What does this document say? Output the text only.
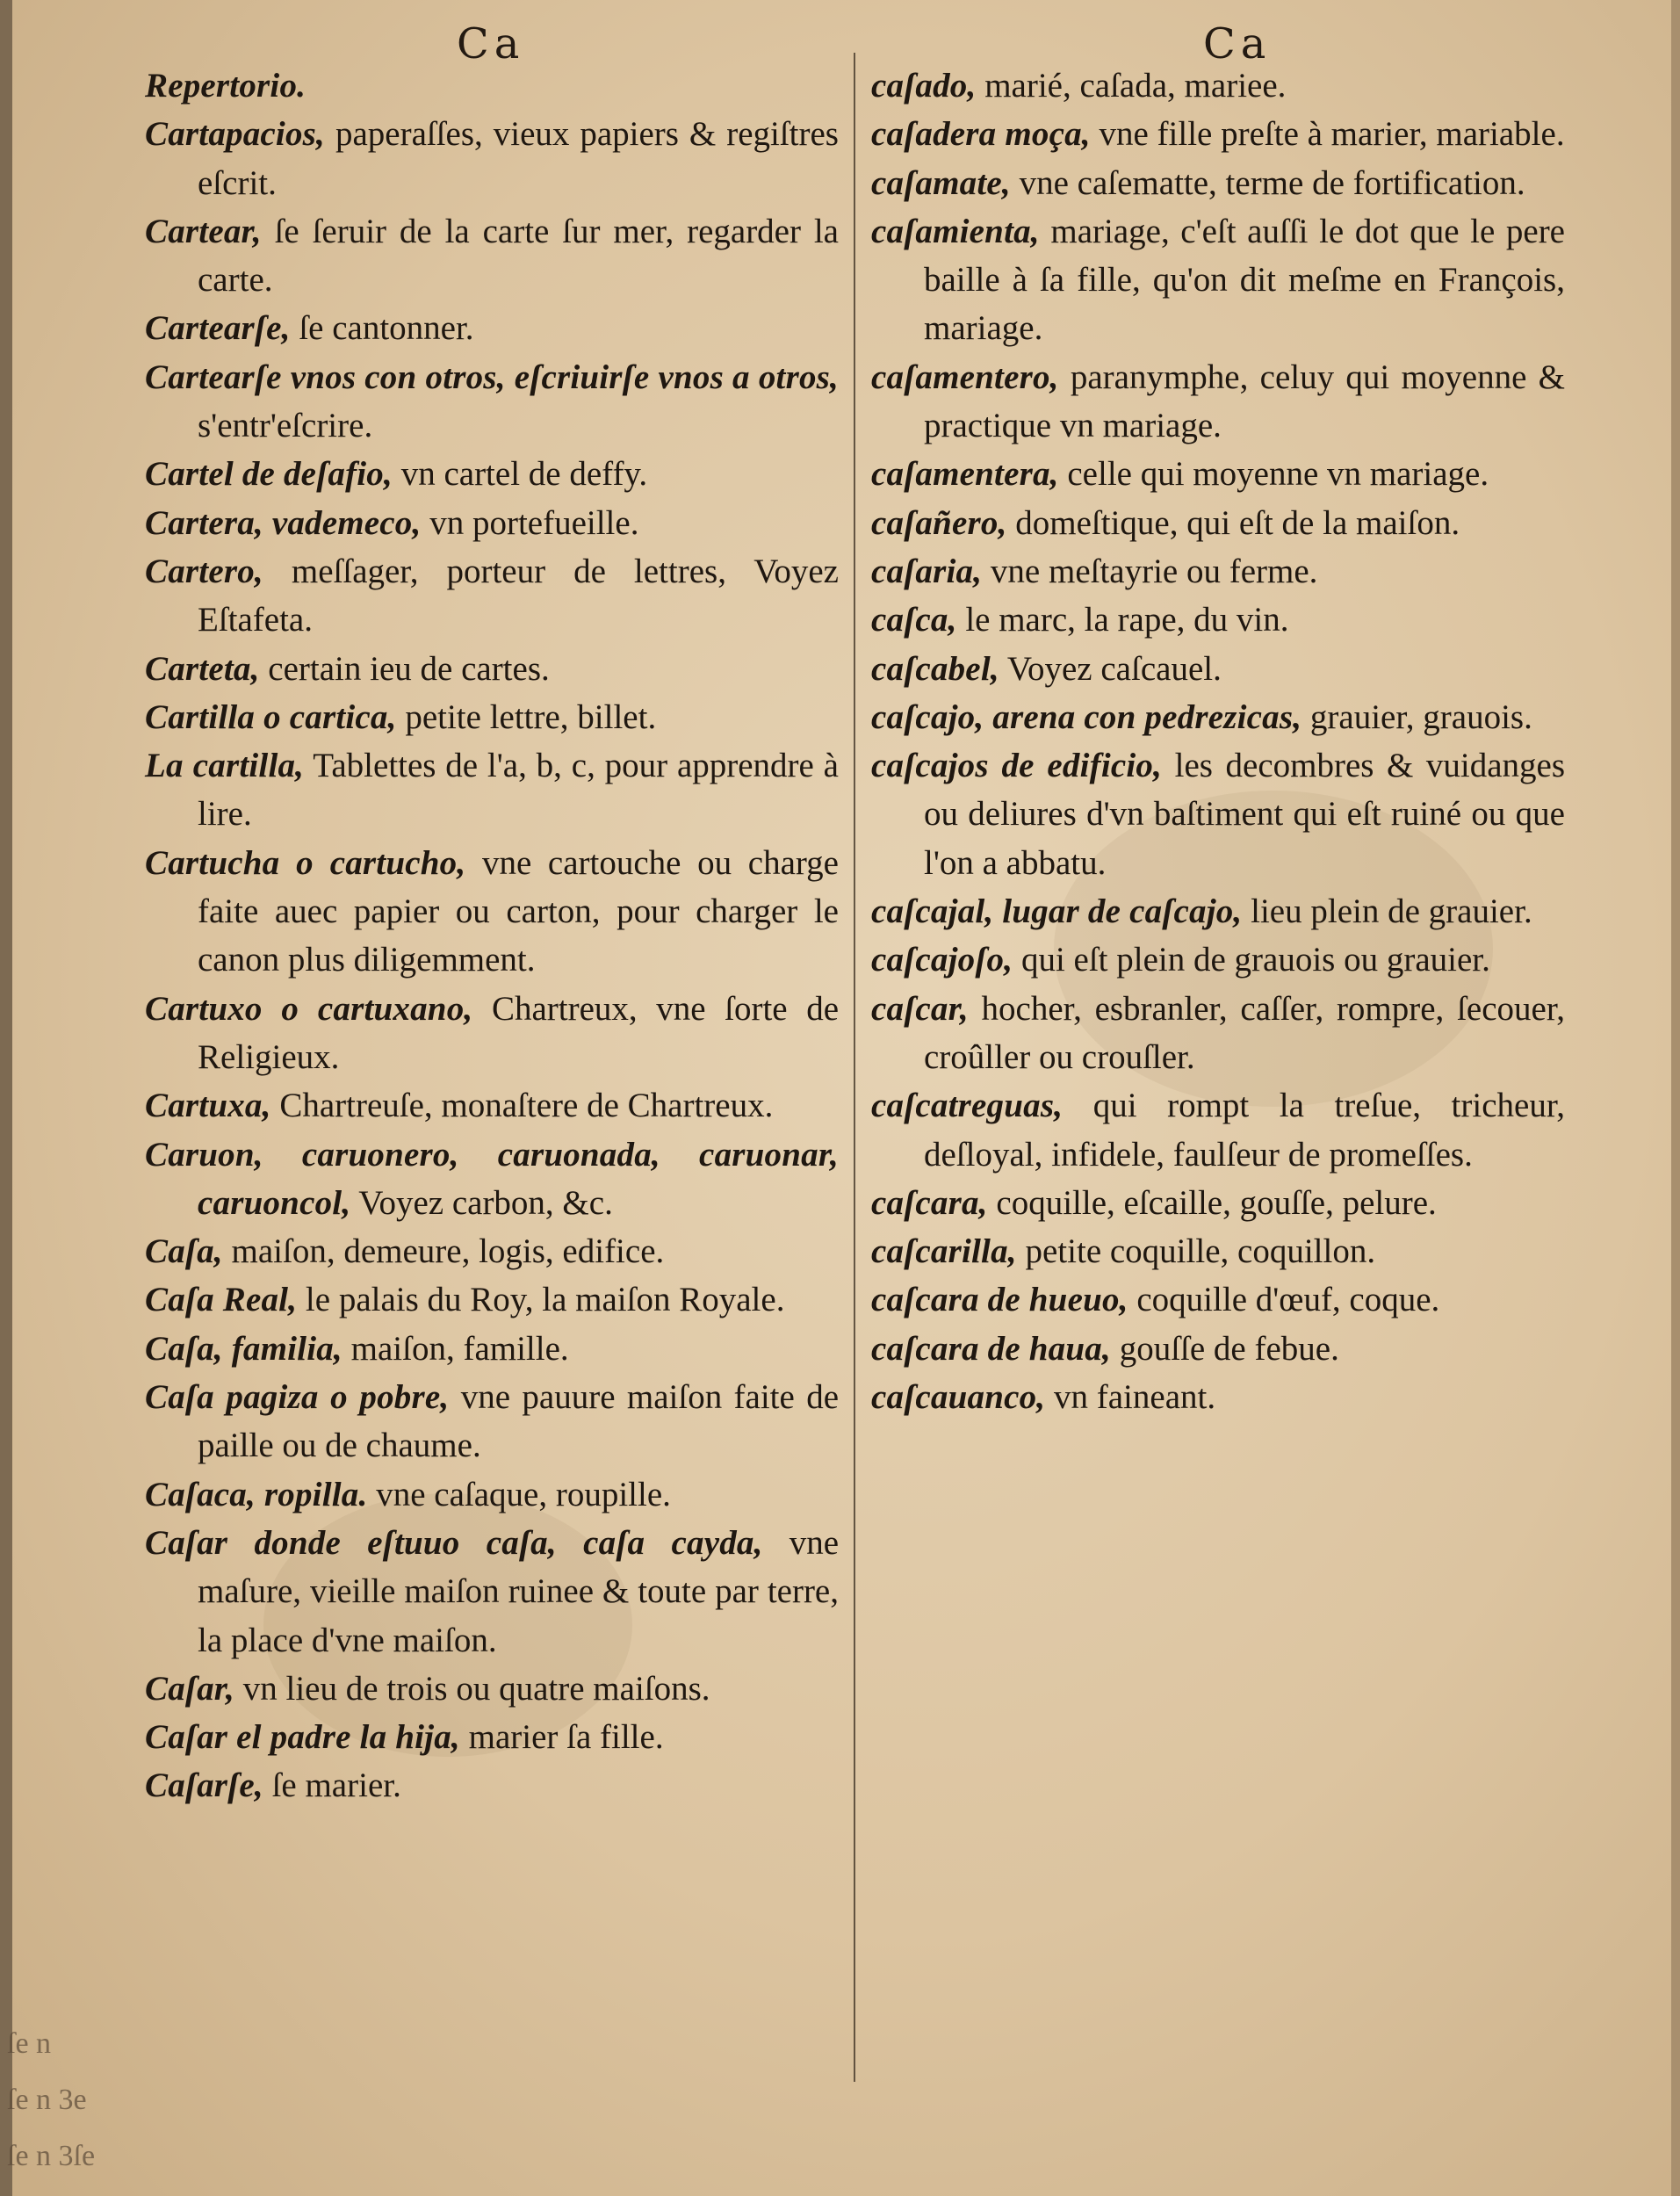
Ca	Ca
Repertorio.
Cartapacios, paperaſſes, vieux papiers & regiſtres eſcrit.
Cartear, ſe ſeruir de la carte ſur mer, regarder la carte.
Cartearſe, ſe cantonner.
Cartearſe vnos con otros, eſcriuirſe vnos a otros, s'entr'eſcrire.
Cartel de deſafio, vn cartel de deffy.
Cartera, vademeco, vn portefueille.
Cartero, meſſager, porteur de lettres, Voyez Eſtafeta.
Carteta, certain ieu de cartes.
Cartilla o cartica, petite lettre, billet.
La cartilla, Tablettes de l'a, b, c, pour apprendre à lire.
Cartucha o cartucho, vne cartouche ou charge faite auec papier ou carton, pour charger le canon plus diligemment.
Cartuxo o cartuxano, Chartreux, vne ſorte de Religieux.
Cartuxa, Chartreuſe, monaſtere de Chartreux.
Caruon, caruonero, caruonada, caruonar, caruoncol, Voyez carbon, &c.
Caſa, maiſon, demeure, logis, edifice.
Caſa Real, le palais du Roy, la maiſon Royale.
Caſa, familia, maiſon, famille.
Caſa pagiza o pobre, vne pauure maiſon faite de paille ou de chaume.
Caſaca, ropilla. vne caſaque, roupille.
Caſar donde eſtuuo caſa, caſa cayda, vne maſure, vieille maiſon ruinee & toute par terre, la place d'vne maiſon.
Caſar, vn lieu de trois ou quatre maiſons.
Caſar el padre la hija, marier ſa fille.
Caſarſe, ſe marier.
caſado, marié, caſada, mariee.
caſadera moça, vne fille preſte à marier, mariable.
caſamate, vne caſematte, terme de fortification.
caſamienta, mariage, c'eſt auſſi le dot que le pere baille à ſa fille, qu'on dit meſme en François, mariage.
caſamentero, paranymphe, celuy qui moyenne & practique vn mariage.
caſamentera, celle qui moyenne vn mariage.
caſañero, domeſtique, qui eſt de la maiſon.
caſaria, vne meſtayrie ou ferme.
caſca, le marc, la rape, du vin.
caſcabel, Voyez caſcauel.
caſcajo, arena con pedrezicas, grauier, grauois.
caſcajos de edificio, les decombres & vuidanges ou deliures d'vn baſtiment qui eſt ruiné ou que l'on a abbatu.
caſcajal, lugar de caſcajo, lieu plein de grauier.
caſcajoſo, qui eſt plein de grauois ou grauier.
caſcar, hocher, esbranler, caſſer, rompre, ſecouer, croûller ou crouſler.
caſcatreguas, qui rompt la treſue, tricheur, deſloyal, infidele, faulſeur de promeſſes.
caſcara, coquille, eſcaille, gouſſe, pelure.
caſcarilla, petite coquille, coquillon.
caſcara de hueuo, coquille d'œuf, coque.
caſcara de haua, gouſſe de febue.
caſcauanco, vn faineant.
ſe n
ſe n 3e
ſe n 3ſe
